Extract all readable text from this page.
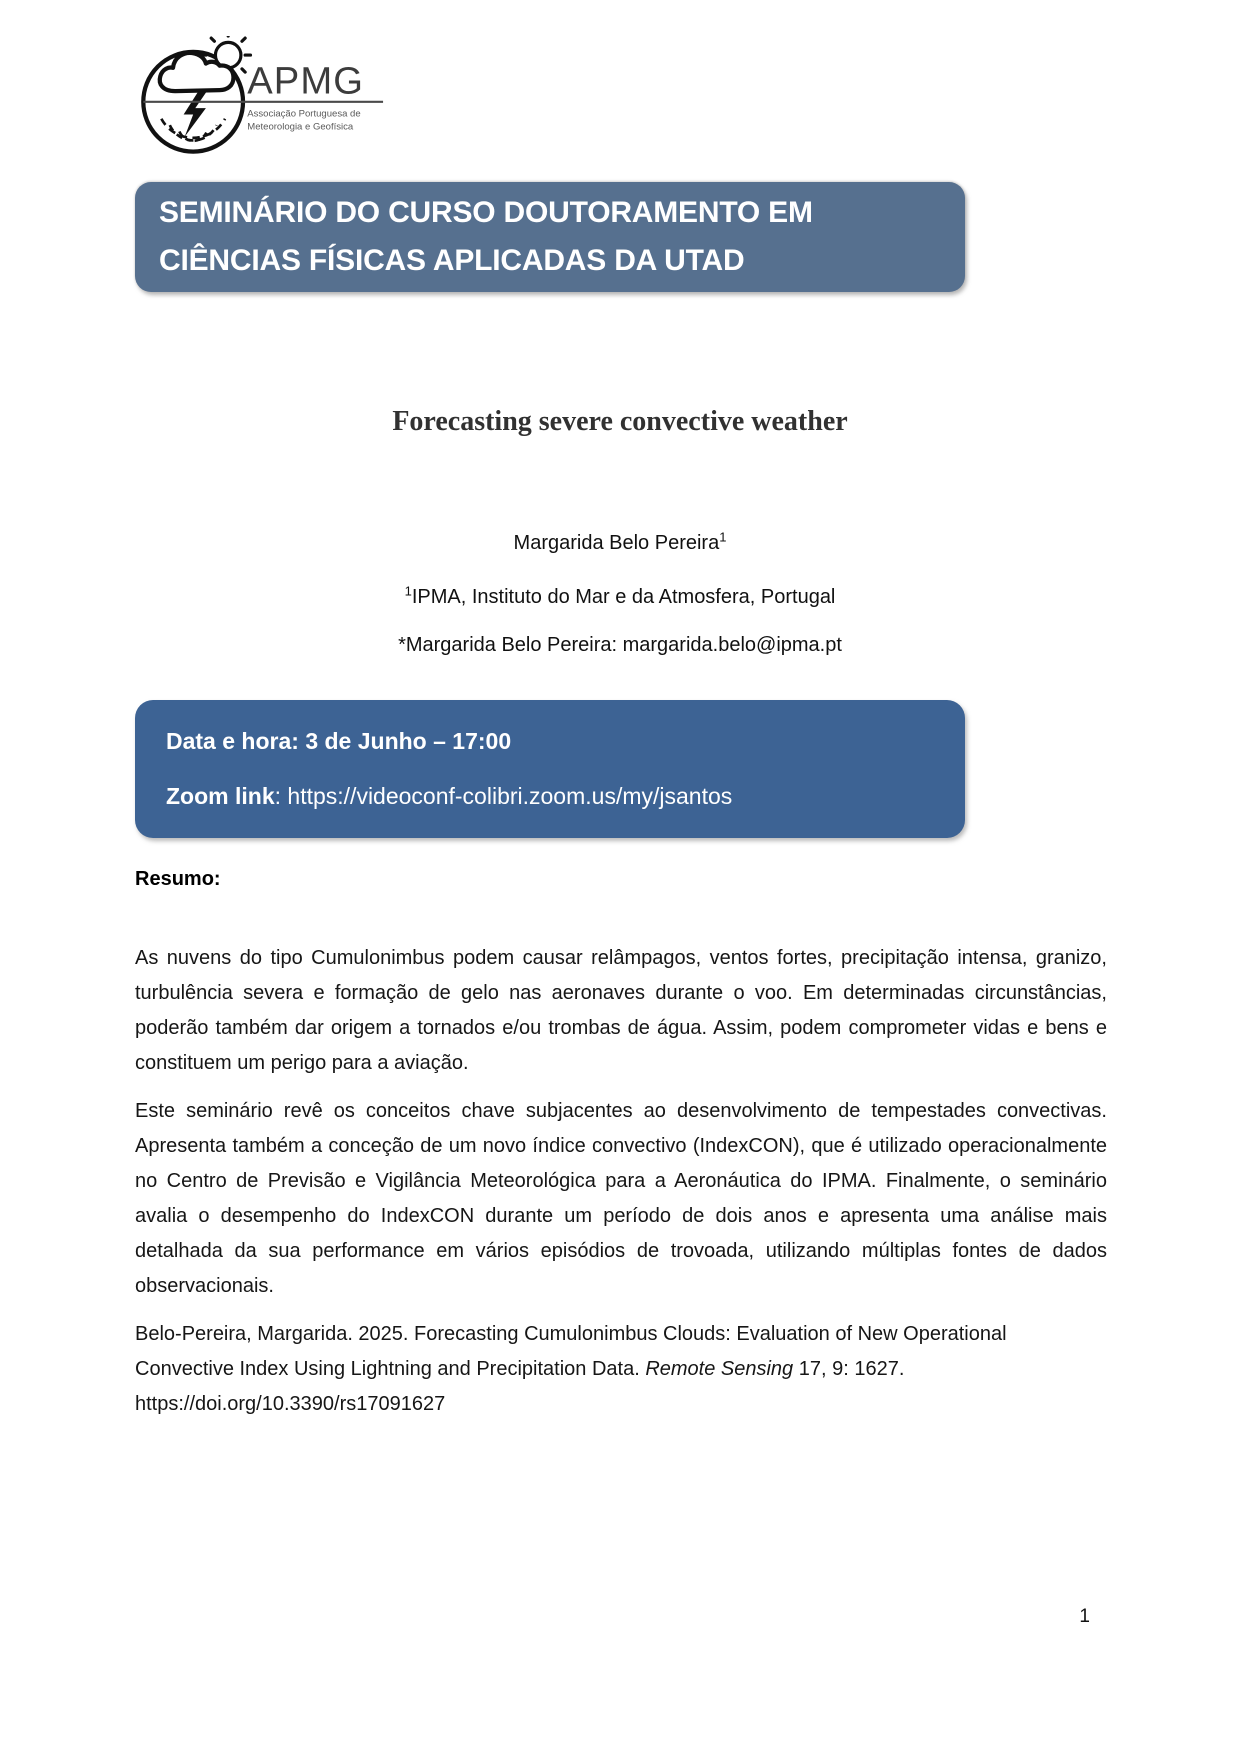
APMG
Associação Portuguesa de
Meteorologia e Geofísica
SEMINÁRIO DO CURSO DOUTORAMENTO EM
CIÊNCIAS FÍSICAS APLICADAS DA UTAD
Forecasting severe convective weather
Margarida Belo Pereira$^1$
$^1$IPMA, Instituto do Mar e da Atmosfera, Portugal
*Margarida Belo Pereira: margarida.belo@ipma.pt
Data e hora: 3 de Junho – 17:00
Zoom link: https://videoconf-colibri.zoom.us/my/jsantos
Resumo:

As nuvens do tipo Cumulonimbus podem causar relâmpagos, ventos fortes, precipitação intensa, granizo, turbulência severa e formação de gelo nas aeronaves durante o voo. Em determinadas circunstâncias, poderão também dar origem a tornados e/ou trombas de água. Assim, podem comprometer vidas e bens e constituem um perigo para a aviação.

Este seminário revê os conceitos chave subjacentes ao desenvolvimento de tempestades convectivas. Apresenta também a conceção de um novo índice convectivo (IndexCON), que é utilizado operacionalmente no Centro de Previsão e Vigilância Meteorológica para a Aeronáutica do IPMA. Finalmente, o seminário avalia o desempenho do IndexCON durante um período de dois anos e apresenta uma análise mais detalhada da sua performance em vários episódios de trovoada, utilizando múltiplas fontes de dados observacionais.

Belo-Pereira, Margarida. 2025. Forecasting Cumulonimbus Clouds: Evaluation of New Operational Convective Index Using Lightning and Precipitation Data. Remote Sensing 17, 9: 1627. https://doi.org/10.3390/rs17091627

1
